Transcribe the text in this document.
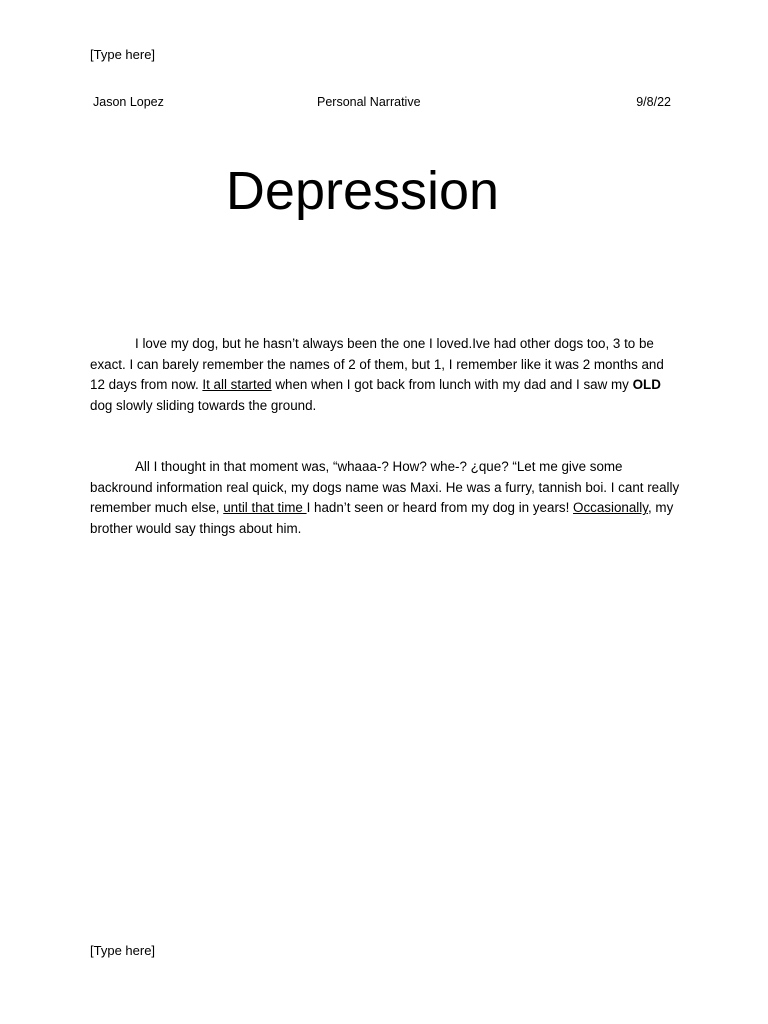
[Type here]
Jason Lopez	Personal Narrative	9/8/22
Depression

I love my dog, but he hasn’t always been the one I loved.Ive had other dogs too, 3 to be exact. I can barely remember the names of 2 of them, but 1, I remember like it was 2 months and 12 days from now. It all started when when I got back from lunch with my dad and I saw my OLD dog slowly sliding towards the ground.

All I thought in that moment was, “whaaa-? How? whe-? ¿que? “Let me give some backround information real quick, my dogs name was Maxi. He was a furry, tannish boi. I cant really remember much else, until that time I hadn’t seen or heard from my dog in years! Occasionally, my brother would say things about him.

[Type here]
